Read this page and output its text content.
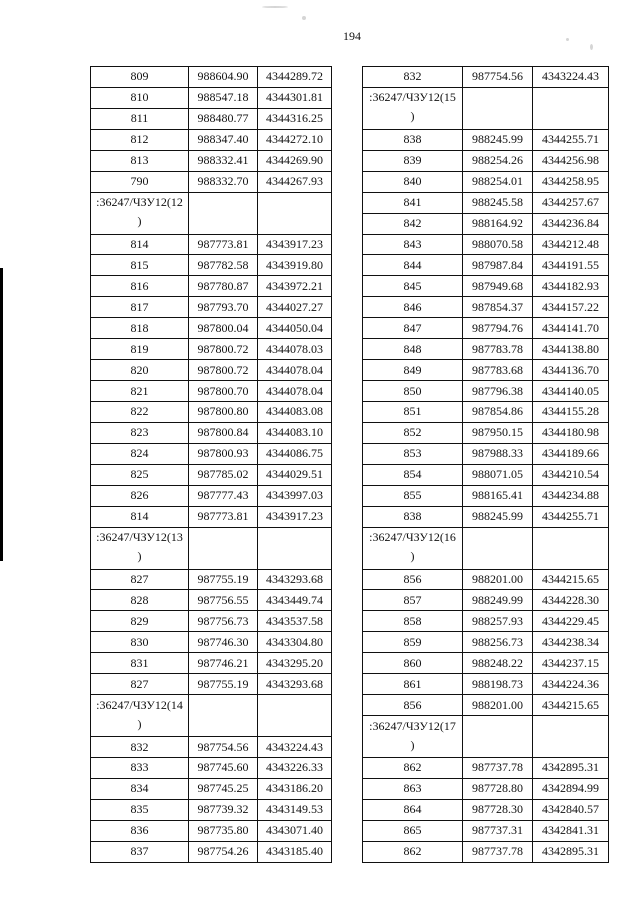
194
809	988604.90	4344289.72
810	988547.18	4344301.81
811	988480.77	4344316.25
812	988347.40	4344272.10
813	988332.41	4344269.90
790	988332.70	4344267.93
:36247/ЧЗУ12(12
)
814	987773.81	4343917.23
815	987782.58	4343919.80
816	987780.87	4343972.21
817	987793.70	4344027.27
818	987800.04	4344050.04
819	987800.72	4344078.03
820	987800.72	4344078.04
821	987800.70	4344078.04
822	987800.80	4344083.08
823	987800.84	4344083.10
824	987800.93	4344086.75
825	987785.02	4344029.51
826	987777.43	4343997.03
814	987773.81	4343917.23
:36247/ЧЗУ12(13
)
827	987755.19	4343293.68
828	987756.55	4343449.74
829	987756.73	4343537.58
830	987746.30	4343304.80
831	987746.21	4343295.20
827	987755.19	4343293.68
:36247/ЧЗУ12(14
)
832	987754.56	4343224.43
833	987745.60	4343226.33
834	987745.25	4343186.20
835	987739.32	4343149.53
836	987735.80	4343071.40
837	987754.26	4343185.40
832	987754.56	4343224.43
:36247/ЧЗУ12(15
)
838	988245.99	4344255.71
839	988254.26	4344256.98
840	988254.01	4344258.95
841	988245.58	4344257.67
842	988164.92	4344236.84
843	988070.58	4344212.48
844	987987.84	4344191.55
845	987949.68	4344182.93
846	987854.37	4344157.22
847	987794.76	4344141.70
848	987783.78	4344138.80
849	987783.68	4344136.70
850	987796.38	4344140.05
851	987854.86	4344155.28
852	987950.15	4344180.98
853	987988.33	4344189.66
854	988071.05	4344210.54
855	988165.41	4344234.88
838	988245.99	4344255.71
:36247/ЧЗУ12(16
)
856	988201.00	4344215.65
857	988249.99	4344228.30
858	988257.93	4344229.45
859	988256.73	4344238.34
860	988248.22	4344237.15
861	988198.73	4344224.36
856	988201.00	4344215.65
:36247/ЧЗУ12(17
)
862	987737.78	4342895.31
863	987728.80	4342894.99
864	987728.30	4342840.57
865	987737.31	4342841.31
862	987737.78	4342895.31
